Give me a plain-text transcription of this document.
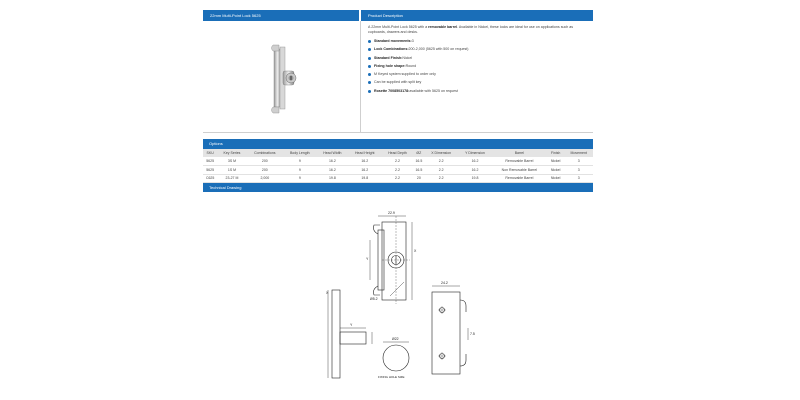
22mm Multi-Point Lock 5625	Product Description

A 22mm Multi-Point Lock 5625 with a removable barrel. Available in Nickel, these locks are ideal for use on applications such as cupboards, drawers and desks.

Standard movements: 3
Lock Combinations: 200-2,000 (5625 with 500 on request)
Standard Finish: Nickel
Fixing hole shape: Round
M Keyed system supplied to order only
Can be supplied with split key
Rosette 7008503178: available with 5625 on request
Options
SKU	Key Series	Combinations	Body Length	Head Width	Head Height	Head Depth	ØZ	X Dimension	Y Dimension	Barrel	Finish	Movement
5625	3S M	200	9	16.2	16.2	2.2	16.5	2.2	16.2	Removable Barrel	Nickel	3
5625	1S M	200	9	16.2	16.2	2.2	16.5	2.2	16.2	Non Removable Barrel	Nickel	3
C625	23-27 M	2,000	9	19.8	19.8	2.2	20	2.2	19.8	Removable Barrel	Nickel	3
Technical Drawing
22.9
X
Y
Ø5.2
X
Y
Ø22
FIXING HOLE SIZE
24.2
7.5
